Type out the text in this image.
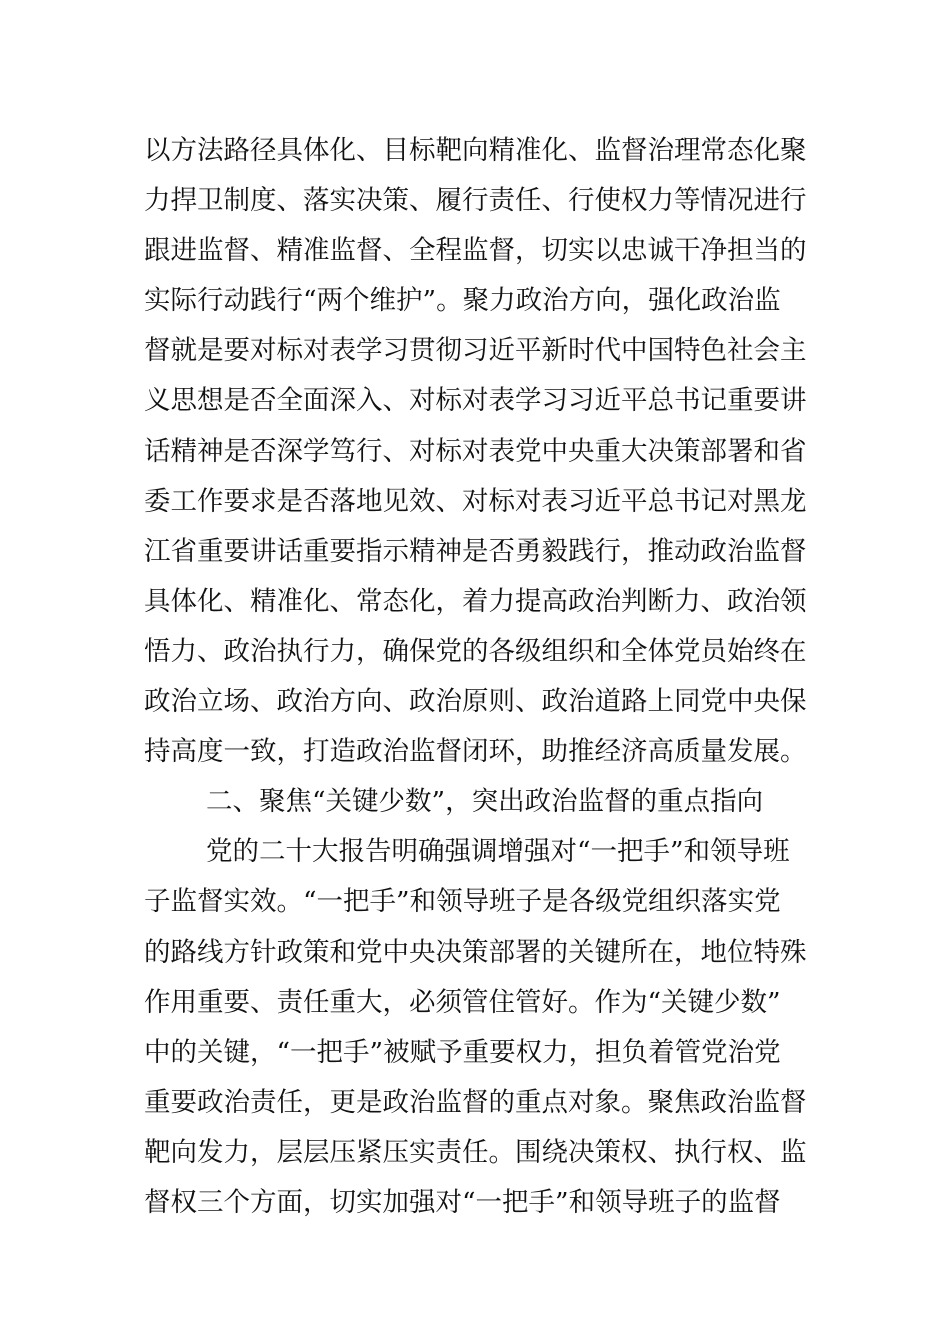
以方法路径具体化、目标靶向精准化、监督治理常态化聚
力捍卫制度、落实决策、履行责任、行使权力等情况进行
跟进监督、精准监督、全程监督，切实以忠诚干净担当的
实际行动践行“两个维护”。聚力政治方向，强化政治监
督就是要对标对表学习贯彻习近平新时代中国特色社会主
义思想是否全面深入、对标对表学习习近平总书记重要讲
话精神是否深学笃行、对标对表党中央重大决策部署和省
委工作要求是否落地见效、对标对表习近平总书记对黑龙
江省重要讲话重要指示精神是否勇毅践行，推动政治监督
具体化、精准化、常态化，着力提高政治判断力、政治领
悟力、政治执行力，确保党的各级组织和全体党员始终在
政治立场、政治方向、政治原则、政治道路上同党中央保
持高度一致，打造政治监督闭环，助推经济高质量发展。
二、聚焦“关键少数”，突出政治监督的重点指向
党的二十大报告明确强调增强对“一把手”和领导班
子监督实效。“一把手”和领导班子是各级党组织落实党
的路线方针政策和党中央决策部署的关键所在，地位特殊
作用重要、责任重大，必须管住管好。作为“关键少数”
中的关键，“一把手”被赋予重要权力，担负着管党治党
重要政治责任，更是政治监督的重点对象。聚焦政治监督
靶向发力，层层压紧压实责任。围绕决策权、执行权、监
督权三个方面，切实加强对“一把手”和领导班子的监督
